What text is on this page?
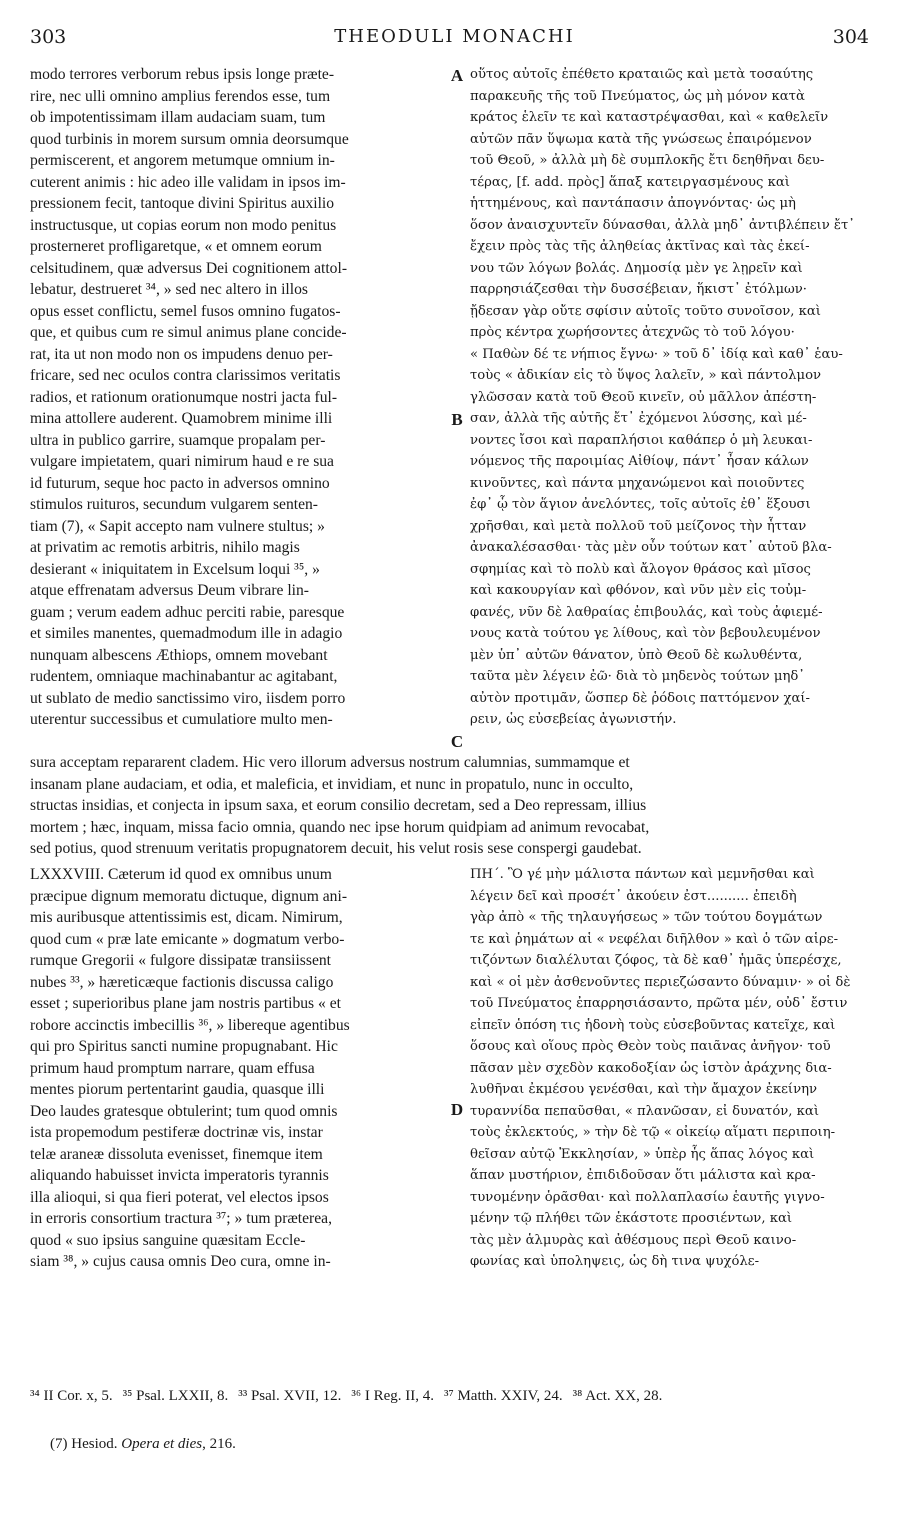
303	THEODULI MONACHI	304
A
B
C
D
modo terrores verborum rebus ipsis longe præte-
rire, nec ulli omnino amplius ferendos esse, tum
ob impotentissimam illam audaciam suam, tum
quod turbinis in morem sursum omnia deorsumque
permiscerent, et angorem metumque omnium in-
cuterent animis : hic adeo ille validam in ipsos im-
pressionem fecit, tantoque divini Spiritus auxilio
instructusque, ut copias eorum non modo penitus
prosterneret profligaretque, « et omnem eorum
celsitudinem, quæ adversus Dei cognitionem attol-
lebatur, destrueret ³⁴, » sed nec altero in illos
opus esset conflictu, semel fusos omnino fugatos-
que, et quibus cum re simul animus plane concide-
rat, ita ut non modo non os impudens denuo per-
fricare, sed nec oculos contra clarissimos veritatis
radios, et rationum orationumque nostri jacta ful-
mina attollere auderent. Quamobrem minime illi
ultra in publico garrire, suamque propalam per-
vulgare impietatem, quari nimirum haud e re sua
id futurum, seque hoc pacto in adversos omnino
stimulos ruituros, secundum vulgarem senten-
tiam (7), « Sapit accepto nam vulnere stultus; »
at privatim ac remotis arbitris, nihilo magis
desierant « iniquitatem in Excelsum loqui ³⁵, »
atque effrenatam adversus Deum vibrare lin-
guam ; verum eadem adhuc perciti rabie, paresque
et similes manentes, quemadmodum ille in adagio
nunquam albescens Æthiops, omnem movebant
rudentem, omniaque machinabantur ac agitabant,
ut sublato de medio sanctissimo viro, iisdem porro
uterentur successibus et cumulatiore multo men-
οὕτος αὐτοῖς ἐπέθετο κραταιῶς καὶ μετὰ τοσαύτης
παρακευῆς τῆς τοῦ Πνεύματος, ὡς μὴ μόνον κατὰ
κράτος ἑλεῖν τε καὶ καταστρέψασθαι, καὶ « καθελεῖν
αὐτῶν πᾶν ὕψωμα κατὰ τῆς γνώσεως ἐπαιρόμενον
τοῦ Θεοῦ, » ἀλλὰ μὴ δὲ συμπλοκῆς ἔτι δεηθῆναι δευ-
τέρας, [f. add. πρὸς] ἅπαξ κατειργασμένους καὶ
ἡττημένους, καὶ παντάπασιν ἀπογνόντας· ὡς μὴ
ὅσον ἀναισχυντεῖν δύνασθαι, ἀλλὰ μηδ᾽ ἀντιβλέπειν ἔτ᾽
ἔχειν πρὸς τὰς τῆς ἀληθείας ἀκτῖνας καὶ τὰς ἐκεί-
νου τῶν λόγων βολάς. Δημοσίᾳ μὲν γε λῃρεῖν καὶ
παρρησιάζεσθαι τὴν δυσσέβειαν, ἥκιστ᾽ ἐτόλμων·
ᾔδεσαν γὰρ οὔτε σφίσιν αὐτοῖς τοῦτο συνοῖσον, καὶ
πρὸς κέντρα χωρήσοντες ἀτεχνῶς τὸ τοῦ λόγου·
« Παθὼν δέ τε νήπιος ἔγνω· » τοῦ δ᾽ ἰδίᾳ καὶ καθ᾽ ἑαυ-
τοὺς « ἀδικίαν εἰς τὸ ὕψος λαλεῖν, » καὶ πάντολμον
γλῶσσαν κατὰ τοῦ Θεοῦ κινεῖν, οὐ μᾶλλον ἀπέστη-
σαν, ἀλλὰ τῆς αὐτῆς ἔτ᾽ ἐχόμενοι λύσσης, καὶ μέ-
νοντες ἴσοι καὶ παραπλήσιοι καθάπερ ὁ μὴ λευκαι-
νόμενος τῆς παροιμίας Αἰθίοψ, πάντ᾽ ἦσαν κάλων
κινοῦντες, καὶ πάντα μηχανώμενοι καὶ ποιοῦντες
ἐφ᾽ ᾧ τὸν ἅγιον ἀνελόντες, τοῖς αὐτοῖς ἐθ᾽ ἕξουσι
χρῆσθαι, καὶ μετὰ πολλοῦ τοῦ μείζονος τὴν ἧτταν
ἀνακαλέσασθαι· τὰς μὲν οὖν τούτων κατ᾽ αὐτοῦ βλα-
σφημίας καὶ τὸ πολὺ καὶ ἄλογον θράσος καὶ μῖσος
καὶ κακουργίαν καὶ φθόνον, καὶ νῦν μὲν εἰς τοὐμ-
φανές, νῦν δὲ λαθραίας ἐπιβουλάς, καὶ τοὺς ἀφιεμέ-
νους κατὰ τούτου γε λίθους, καὶ τὸν βεβουλευμένον
μὲν ὑπ᾽ αὐτῶν θάνατον, ὑπὸ Θεοῦ δὲ κωλυθέντα,
ταῦτα μὲν λέγειν ἐῶ· διὰ τὸ μηδενὸς τούτων μηδ᾽
αὐτὸν προτιμᾶν, ὥσπερ δὲ ῥόδοις παττόμενον χαί-
ρειν, ὡς εὐσεβείας ἀγωνιστήν.
sura acceptam repararent cladem. Hic vero illorum adversus nostrum calumnias, summamque et
insanam plane audaciam, et odia, et maleficia, et invidiam, et nunc in propatulo, nunc in occulto,
structas insidias, et conjecta in ipsum saxa, et eorum consilio decretam, sed a Deo repressam, illius
mortem ; hæc, inquam, missa facio omnia, quando nec ipse horum quidpiam ad animum revocabat,
sed potius, quod strenuum veritatis propugnatorem decuit, his velut rosis sese conspergi gaudebat.
LXXXVIII. Cæterum id quod ex omnibus unum
præcipue dignum memoratu dictuque, dignum ani-
mis auribusque attentissimis est, dicam. Nimirum,
quod cum « præ late emicante » dogmatum verbo-
rumque Gregorii « fulgore dissipatæ transiissent
nubes ³³, » hæreticæque factionis discussa caligo
esset ; superioribus plane jam nostris partibus « et
robore accinctis imbecillis ³⁶, » libereque agentibus
qui pro Spiritus sancti numine propugnabant. Hic
primum haud promptum narrare, quam effusa
mentes piorum pertentarint gaudia, quasque illi
Deo laudes gratesque obtulerint; tum quod omnis
ista propemodum pestiferæ doctrinæ vis, instar
telæ araneæ dissoluta evenisset, finemque item
aliquando habuisset invicta imperatoris tyrannis
illa alioqui, si qua fieri poterat, vel electos ipsos
in erroris consortium tractura ³⁷; » tum præterea,
quod « suo ipsius sanguine quæsitam Eccle-
siam ³⁸, » cujus causa omnis Deo cura, omne in-
ΠΗ΄. Ὃ γέ μὴν μάλιστα πάντων καὶ μεμνῆσθαι καὶ
λέγειν δεῖ καὶ προσέτ᾽ ἀκούειν ἐστ.......... ἐπειδὴ
γὰρ ἀπὸ « τῆς τηλαυγήσεως » τῶν τούτου δογμάτων
τε καὶ ῥημάτων αἱ « νεφέλαι διῆλθον » καὶ ὁ τῶν αἱρε-
τιζόντων διαλέλυται ζόφος, τὰ δὲ καθ᾽ ἡμᾶς ὑπερέσχε,
καὶ « οἱ μὲν ἀσθενοῦντες περιεζώσαντο δύναμιν· » οἱ δὲ
τοῦ Πνεύματος ἐπαρρησιάσαντο, πρῶτα μέν, οὐδ᾽ ἔστιν
εἰπεῖν ὁπόση τις ἡδονὴ τοὺς εὐσεβοῦντας κατεῖχε, καὶ
ὅσους καὶ οἵους πρὸς Θεὸν τοὺς παιᾶνας ἀνῆγον· τοῦ
πᾶσαν μὲν σχεδὸν κακοδοξίαν ὡς ἱστὸν ἀράχνης δια-
λυθῆναι ἐκμέσου γενέσθαι, καὶ τὴν ἄμαχον ἐκείνην
τυραννίδα πεπαῦσθαι, « πλανῶσαν, εἰ δυνατόν, καὶ
τοὺς ἐκλεκτούς, » τὴν δὲ τῷ « οἰκείῳ αἵματι περιποιη-
θεῖσαν αὐτῷ Ἐκκλησίαν, » ὑπὲρ ἧς ἅπας λόγος καὶ
ἅπαν μυστήριον, ἐπιδιδοῦσαν ὅτι μάλιστα καὶ κρα-
τυνομένην ὁρᾶσθαι· καὶ πολλαπλασίω ἑαυτῆς γιγνο-
μένην τῷ πλήθει τῶν ἑκάστοτε προσιέντων, καὶ
τὰς μὲν ἁλμυρὰς καὶ ἀθέσμους περὶ Θεοῦ καινο-
φωνίας καὶ ὑποληψεις, ὡς δὴ τινα ψυχόλε-
³⁴ II Cor. x, 5. ³⁵ Psal. LXXII, 8. ³³ Psal. XVII, 12. ³⁶ I Reg. II, 4. ³⁷ Matth. XXIV, 24. ³⁸ Act. XX, 28.
(7) Hesiod. Opera et dies, 216.
